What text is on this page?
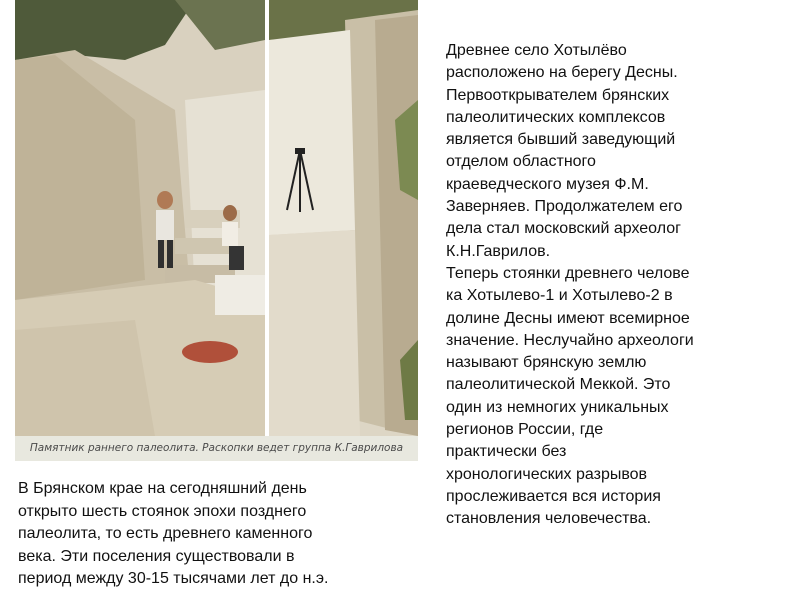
Памятник раннего палеолита. Раскопки ведет группа К.Гаврилова

Древнее село Хотылёво
расположено на берегу Десны.
Первооткрывателем брянских
палеолитических комплексов
является бывший заведующий
отделом областного
краеведческого музея Ф.М.
Заверняев. Продолжателем его
дела стал московский археолог
К.Н.Гаврилов.

Теперь стоянки древнего челове
ка Хотылево-1 и Хотылево-2 в
долине Десны имеют всемирное
значение. Неслучайно археологи
называют брянскую землю
палеолитической Меккой. Это
один из немногих уникальных
регионов России, где
практически без
хронологических разрывов
прослеживается вся история
становления человечества.

В Брянском крае на сегодняшний день
открыто шесть стоянок эпохи позднего
палеолита, то есть древнего каменного
века. Эти поселения существовали в
период между 30-15 тысячами лет до н.э.
